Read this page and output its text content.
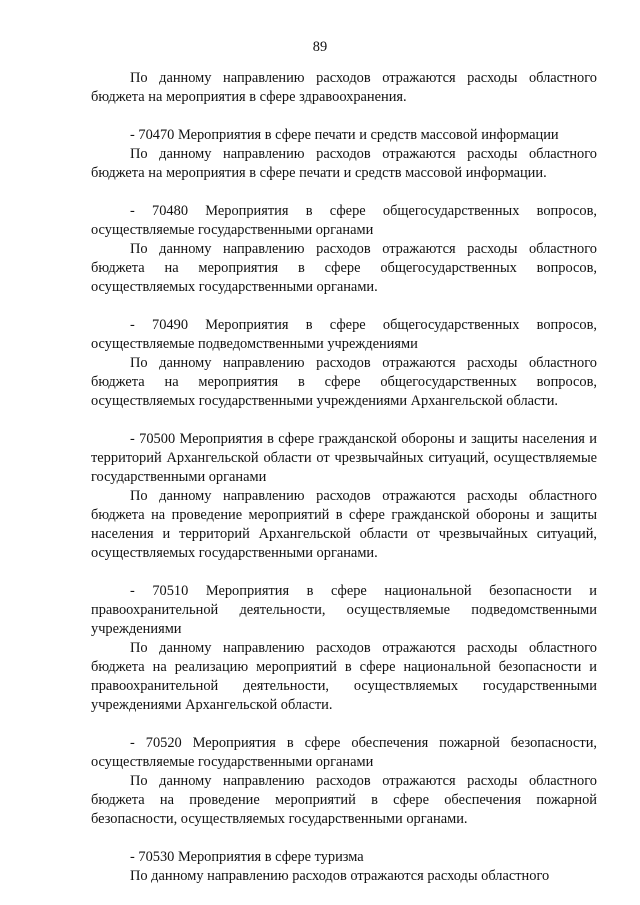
89

По данному направлению расходов отражаются расходы областного бюджета на мероприятия в сфере здравоохранения.

- 70470 Мероприятия в сфере печати и средств массовой информации

По данному направлению расходов отражаются расходы областного бюджета на мероприятия в сфере печати и средств массовой информации.

- 70480 Мероприятия в сфере общегосударственных вопросов, осуществляемые государственными органами

По данному направлению расходов отражаются расходы областного бюджета на мероприятия в сфере общегосударственных вопросов, осуществляемых государственными органами.

- 70490 Мероприятия в сфере общегосударственных вопросов, осуществляемые подведомственными учреждениями

По данному направлению расходов отражаются расходы областного бюджета на мероприятия в сфере общегосударственных вопросов, осуществляемых государственными учреждениями Архангельской области.

- 70500 Мероприятия в сфере гражданской обороны и защиты населения и территорий Архангельской области от чрезвычайных ситуаций, осуществляемые государственными органами

По данному направлению расходов отражаются расходы областного бюджета на проведение мероприятий в сфере гражданской обороны и защиты населения и территорий Архангельской области от чрезвычайных ситуаций, осуществляемых государственными органами.

- 70510 Мероприятия в сфере национальной безопасности и правоохранительной деятельности, осуществляемые подведомственными учреждениями

По данному направлению расходов отражаются расходы областного бюджета на реализацию мероприятий в сфере национальной безопасности и правоохранительной деятельности, осуществляемых государственными учреждениями Архангельской области.

- 70520 Мероприятия в сфере обеспечения пожарной безопасности, осуществляемые государственными органами

По данному направлению расходов отражаются расходы областного бюджета на проведение мероприятий в сфере обеспечения пожарной безопасности, осуществляемых государственными органами.

- 70530 Мероприятия в сфере туризма

По данному направлению расходов отражаются расходы областного
